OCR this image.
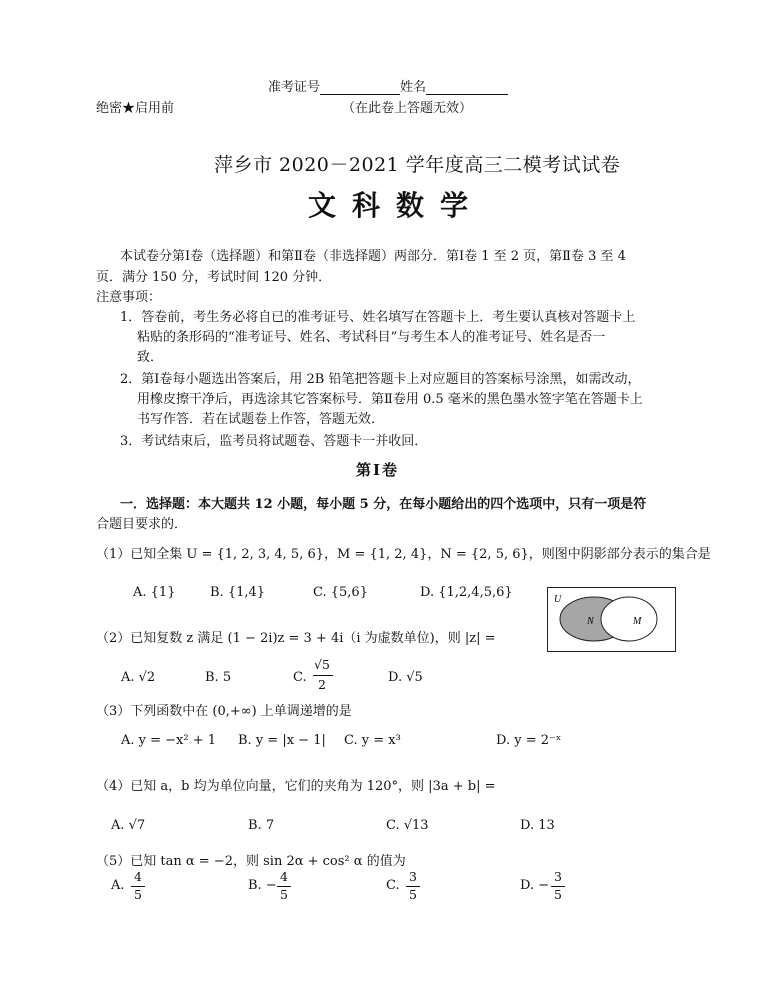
准考证号	姓名
绝密★启用前	（在此卷上答题无效）
萍乡市 2020－2021 学年度高三二模考试试卷
文科数学
本试卷分第Ⅰ卷（选择题）和第Ⅱ卷（非选择题）两部分．第Ⅰ卷 1 至 2 页，第Ⅱ卷 3 至 4
页．满分 150 分，考试时间 120 分钟．
注意事项：
1．答卷前，考生务必将自已的准考证号、姓名填写在答题卡上．考生要认真核对答题卡上
粘贴的条形码的“准考证号、姓名、考试科目”与考生本人的准考证号、姓名是否一
致．
2．第Ⅰ卷每小题选出答案后，用 2B 铅笔把答题卡上对应题目的答案标号涂黑，如需改动，
用橡皮擦干净后，再选涂其它答案标号．第Ⅱ卷用 0.5 毫米的黑色墨水签字笔在答题卡上
书写作答．若在试题卷上作答，答题无效．
3．考试结束后，监考员将试题卷、答题卡一并收回．
第Ⅰ卷
一．选择题：本大题共 12 小题，每小题 5 分，在每小题给出的四个选项中，只有一项是符
合题目要求的．
（1）已知全集 U = {1, 2, 3, 4, 5, 6}，M = {1, 2, 4}，N = {2, 5, 6}，则图中阴影部分表示的集合是
A. {1}	B. {1,4}	C. {5,6}	D. {1,2,4,5,6}	U
N	M
（2）已知复数 z 满足 (1 − 2i)z = 3 + 4i（i 为虚数单位)，则 |z| =
A. √2	B. 5	C.
√5
2	D. √5
（3）下列函数中在 (0,+∞) 上单调递增的是
A. y = −x² + 1 B. y = |x − 1| C. y = x³	D. y = 2⁻ˣ
（4）已知 a，b 均为单位向量，它们的夹角为 120°，则 |3a + b| =
A. √7	B. 7	C. √13	D. 13
（5）已知 tan α = −2，则 sin 2α + cos² α 的值为
A.
4
5
B. −
4
5
C.
3
5
D. −
3
5
